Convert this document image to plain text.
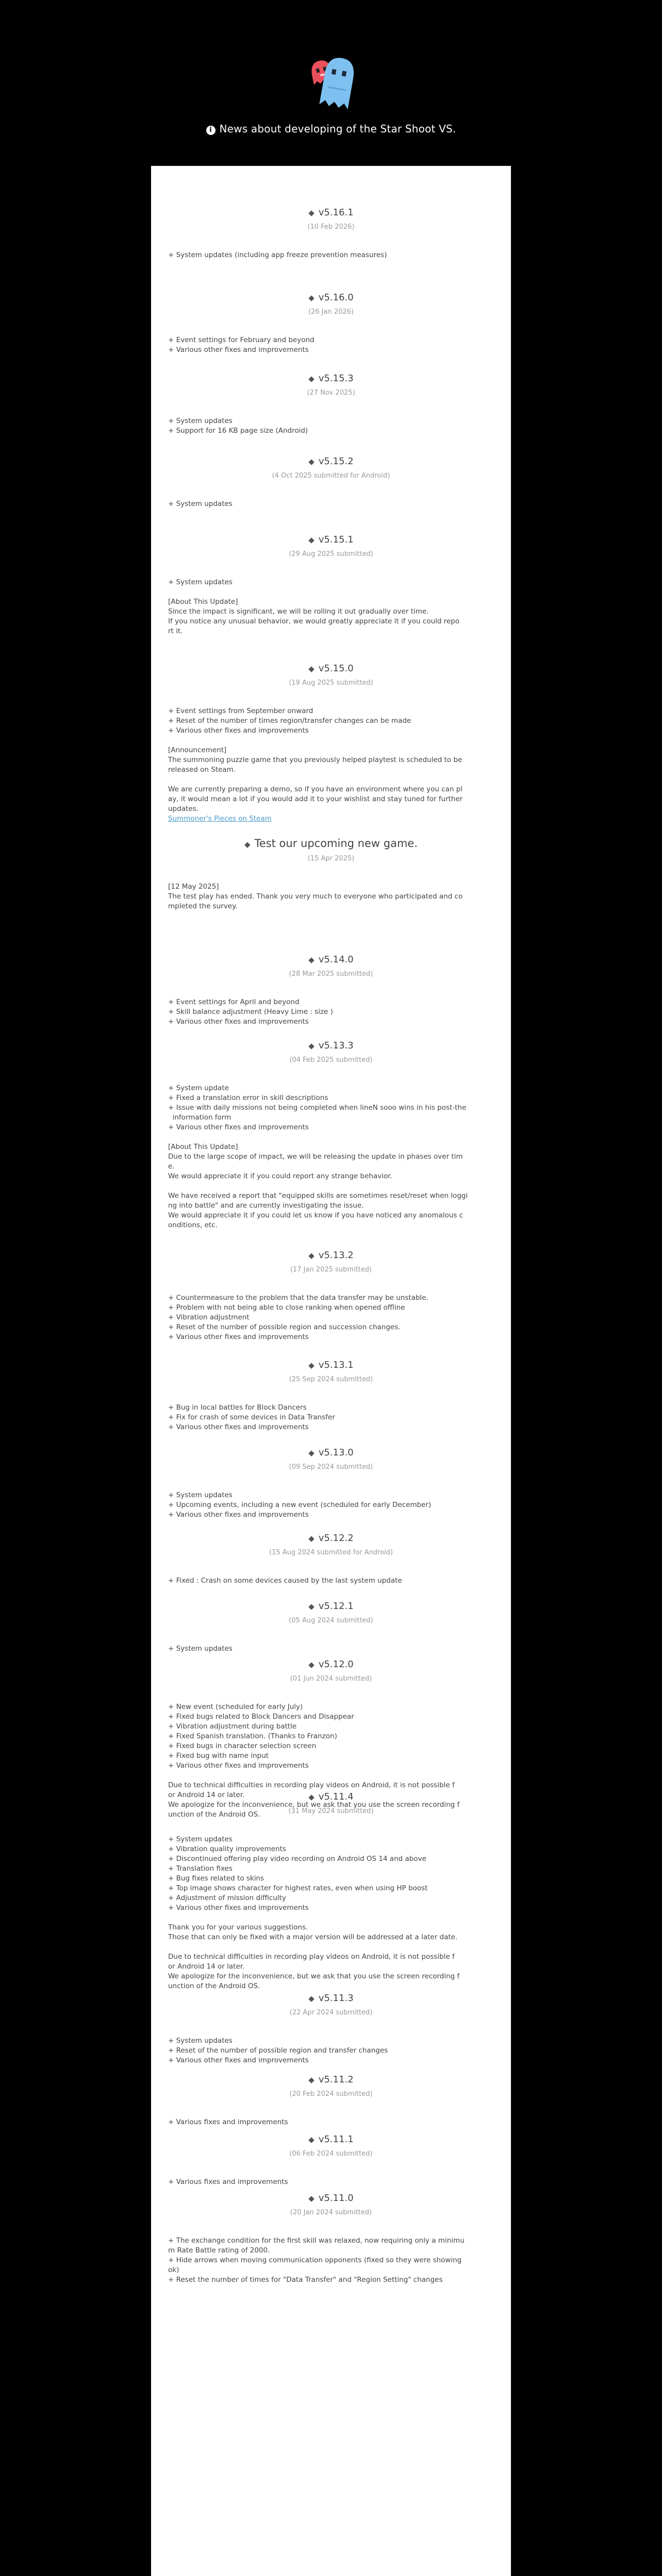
i News about developing of the Star Shoot VS.
◆ v5.16.1
(10 Feb 2026)
+ System updates (including app freeze prevention measures)
◆ v5.16.0
(26 Jan 2026)
+ Event settings for February and beyond
+ Various other fixes and improvements
◆ v5.15.3
(27 Nov 2025)
+ System updates
+ Support for 16 KB page size (Android)
◆ v5.15.2
(4 Oct 2025 submitted for Android)
+ System updates
◆ v5.15.1
(29 Aug 2025 submitted)
+ System updates
[About This Update]
Since the impact is significant, we will be rolling it out gradually over time.
If you notice any unusual behavior, we would greatly appreciate it if you could repo
rt it.
◆ v5.15.0
(19 Aug 2025 submitted)
+ Event settings from September onward
+ Reset of the number of times region/transfer changes can be made
+ Various other fixes and improvements
[Announcement]
The summoning puzzle game that you previously helped playtest is scheduled to be
released on Steam.
We are currently preparing a demo, so if you have an environment where you can pl
ay, it would mean a lot if you would add it to your wishlist and stay tuned for further
updates.
Summoner's Pieces on Steam
◆ Test our upcoming new game.
(15 Apr 2025)
[12 May 2025]
The test play has ended. Thank you very much to everyone who participated and co
mpleted the survey.
◆ v5.14.0
(28 Mar 2025 submitted)
+ Event settings for April and beyond
+ Skill balance adjustment (Heavy Lime : size )
+ Various other fixes and improvements
◆ v5.13.3
(04 Feb 2025 submitted)
+ System update
+ Fixed a translation error in skill descriptions
+ Issue with daily missions not being completed when lineN sooo wins in his post-the
information form
+ Various other fixes and improvements
[About This Update]
Due to the large scope of impact, we will be releasing the update in phases over tim
e.
We would appreciate it if you could report any strange behavior.
We have received a report that "equipped skills are sometimes reset/reset when loggi
ng into battle" and are currently investigating the issue.
We would appreciate it if you could let us know if you have noticed any anomalous c
onditions, etc.
◆ v5.13.2
(17 Jan 2025 submitted)
+ Countermeasure to the problem that the data transfer may be unstable.
+ Problem with not being able to close ranking when opened offline
+ Vibration adjustment
+ Reset of the number of possible region and succession changes.
+ Various other fixes and improvements
◆ v5.13.1
(25 Sep 2024 submitted)
+ Bug in local battles for Block Dancers
+ Fix for crash of some devices in Data Transfer
+ Various other fixes and improvements
◆ v5.13.0
(09 Sep 2024 submitted)
+ System updates
+ Upcoming events, including a new event (scheduled for early December)
+ Various other fixes and improvements
◆ v5.12.2
(15 Aug 2024 submitted for Android)
+ Fixed : Crash on some devices caused by the last system update
◆ v5.12.1
(05 Aug 2024 submitted)
+ System updates
◆ v5.12.0
(01 Jun 2024 submitted)
+ New event (scheduled for early July)
+ Fixed bugs related to Block Dancers and Disappear
+ Vibration adjustment during battle
+ Fixed Spanish translation. (Thanks to Franzon)
+ Fixed bugs in character selection screen
+ Fixed bug with name input
+ Various other fixes and improvements
Due to technical difficulties in recording play videos on Android, it is not possible f
or Android 14 or later.
We apologize for the inconvenience, but we ask that you use the screen recording f
unction of the Android OS.
◆ v5.11.4
(31 May 2024 submitted)
+ System updates
+ Vibration quality improvements
+ Discontinued offering play video recording on Android OS 14 and above
+ Translation fixes
+ Bug fixes related to skins
+ Top image shows character for highest rates, even when using HP boost
+ Adjustment of mission difficulty
+ Various other fixes and improvements
Thank you for your various suggestions.
Those that can only be fixed with a major version will be addressed at a later date.
Due to technical difficulties in recording play videos on Android, it is not possible f
or Android 14 or later.
We apologize for the inconvenience, but we ask that you use the screen recording f
unction of the Android OS.
◆ v5.11.3
(22 Apr 2024 submitted)
+ System updates
+ Reset of the number of possible region and transfer changes
+ Various other fixes and improvements
◆ v5.11.2
(20 Feb 2024 submitted)
+ Various fixes and improvements
◆ v5.11.1
(06 Feb 2024 submitted)
+ Various fixes and improvements
◆ v5.11.0
(20 Jan 2024 submitted)
+ The exchange condition for the first skill was relaxed, now requiring only a minimu
m Rate Battle rating of 2000.
+ Hide arrows when moving communication opponents (fixed so they were showing
ok)
+ Reset the number of times for "Data Transfer" and "Region Setting" changes
